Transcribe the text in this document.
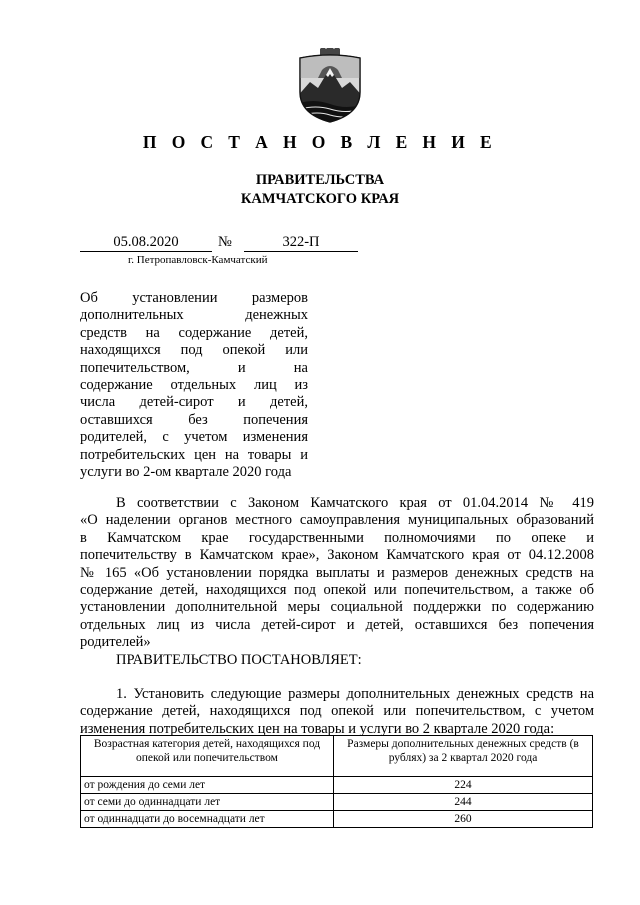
П О С Т А Н О В Л Е Н И Е
ПРАВИТЕЛЬСТВА
КАМЧАТСКОГО КРАЯ
05.08.2020	№	322-П
г. Петропавловск-Камчатский
Об установлении размеров
дополнительных денежных
средств на содержание детей,
находящихся под опекой или
попечительством, и на
содержание отдельных лиц из
числа детей-сирот и детей,
оставшихся без попечения
родителей, с учетом изменения
потребительских цен на товары и
услуги во 2-ом квартале 2020 года
В соответствии с Законом Камчатского края от 01.04.2014 № 419
«О наделении органов местного самоуправления муниципальных образований
в Камчатском крае государственными полномочиями по опеке и
попечительству в Камчатском крае», Законом Камчатского края от 04.12.2008
№ 165 «Об установлении порядка выплаты и размеров денежных средств на
содержание детей, находящихся под опекой или попечительством, а также об
установлении дополнительной меры социальной поддержки по содержанию
отдельных лиц из числа детей-сирот и детей, оставшихся без попечения
родителей»
ПРАВИТЕЛЬСТВО ПОСТАНОВЛЯЕТ:
1. Установить следующие размеры дополнительных денежных средств на
содержание детей, находящихся под опекой или попечительством, с учетом
изменения потребительских цен на товары и услуги во 2 квартале 2020 года:
Возрастная категория детей, находящихся под опекой или попечительством	Размеры дополнительных денежных средств (в рублях) за 2 квартал 2020 года
от рождения до семи лет	224
от семи до одиннадцати лет	244
от одиннадцати до восемнадцати лет	260
